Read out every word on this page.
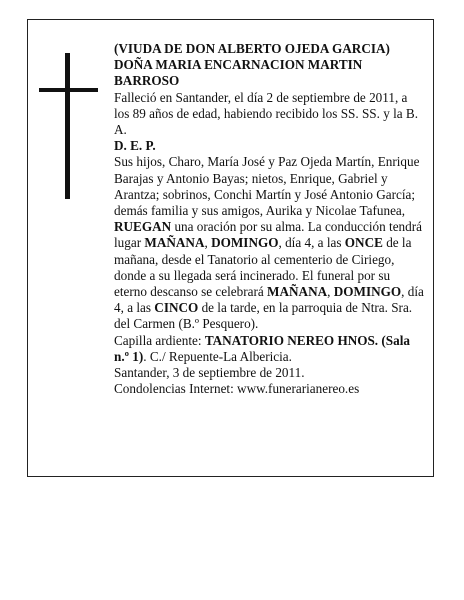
(VIUDA DE DON ALBERTO OJEDA GARCIA)

DOÑA MARIA ENCARNACION MARTIN BARROSO

Falleció en Santander, el día 2 de septiembre de 2011, a los 89 años de edad, habiendo recibido los SS. SS. y la B. A.

D. E. P.

Sus hijos, Charo, María José y Paz Ojeda Martín, Enrique Barajas y Antonio Bayas; nietos, Enrique, Gabriel y Arantza; sobrinos, Conchi Martín y José Antonio García; demás familia y sus amigos, Aurika y Nicolae Tafunea,

RUEGAN una oración por su alma. La conducción tendrá lugar MAÑANA, DOMINGO, día 4, a las ONCE de la mañana, desde el Tanatorio al cementerio de Ciriego, donde a su llegada será incinerado. El funeral por su eterno descanso se celebrará MAÑANA, DOMINGO, día 4, a las CINCO de la tarde, en la parroquia de Ntra. Sra. del Carmen (B.º Pesquero).

Capilla ardiente: TANATORIO NEREO HNOS. (Sala n.º 1). C./ Repuente-La Albericia.

Santander, 3 de septiembre de 2011.

Condolencias Internet: www.funerarianereo.es
